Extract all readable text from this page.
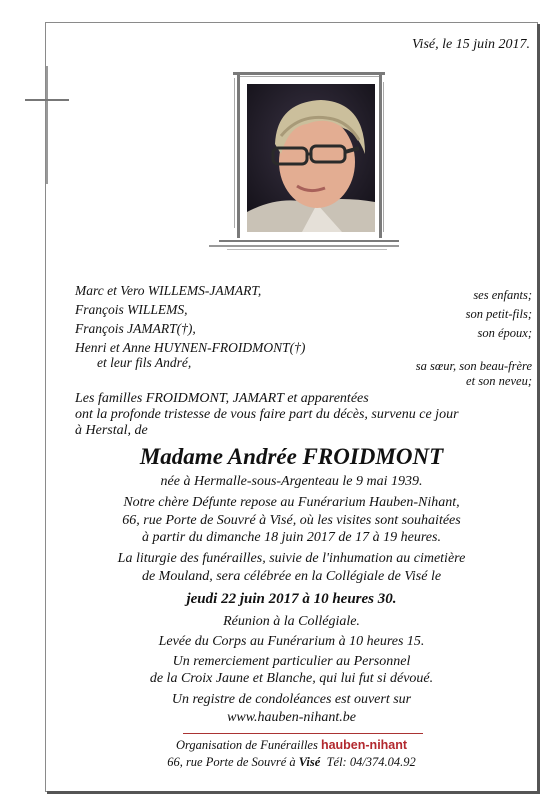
Visé, le 15 juin 2017.
Marc et Vero WILLEMS-JAMART,
François WILLEMS,
François JAMART(†),
Henri et Anne HUYNEN-FROIDMONT(†)
et leur fils André,
ses enfants;
son petit-fils;
son époux;
sa sœur, son beau-frère
et son neveu;
Les familles FROIDMONT, JAMART et apparentées
ont la profonde tristesse de vous faire part du décès, survenu ce jour
à Herstal, de
Madame Andrée FROIDMONT
née à Hermalle-sous-Argenteau le 9 mai 1939.
Notre chère Défunte repose au Funérarium Hauben-Nihant,
66, rue Porte de Souvré à Visé, où les visites sont souhaitées
à partir du dimanche 18 juin 2017 de 17 à 19 heures.
La liturgie des funérailles, suivie de l'inhumation au cimetière
de Mouland, sera célébrée en la Collégiale de Visé le
jeudi 22 juin 2017 à 10 heures 30.
Réunion à la Collégiale.
Levée du Corps au Funérarium à 10 heures 15.
Un remerciement particulier au Personnel
de la Croix Jaune et Blanche, qui lui fut si dévoué.
Un registre de condoléances est ouvert sur
www.hauben-nihant.be
Organisation de Funérailles hauben-nihant
66, rue Porte de Souvré à Visé Tél: 04/374.04.92
